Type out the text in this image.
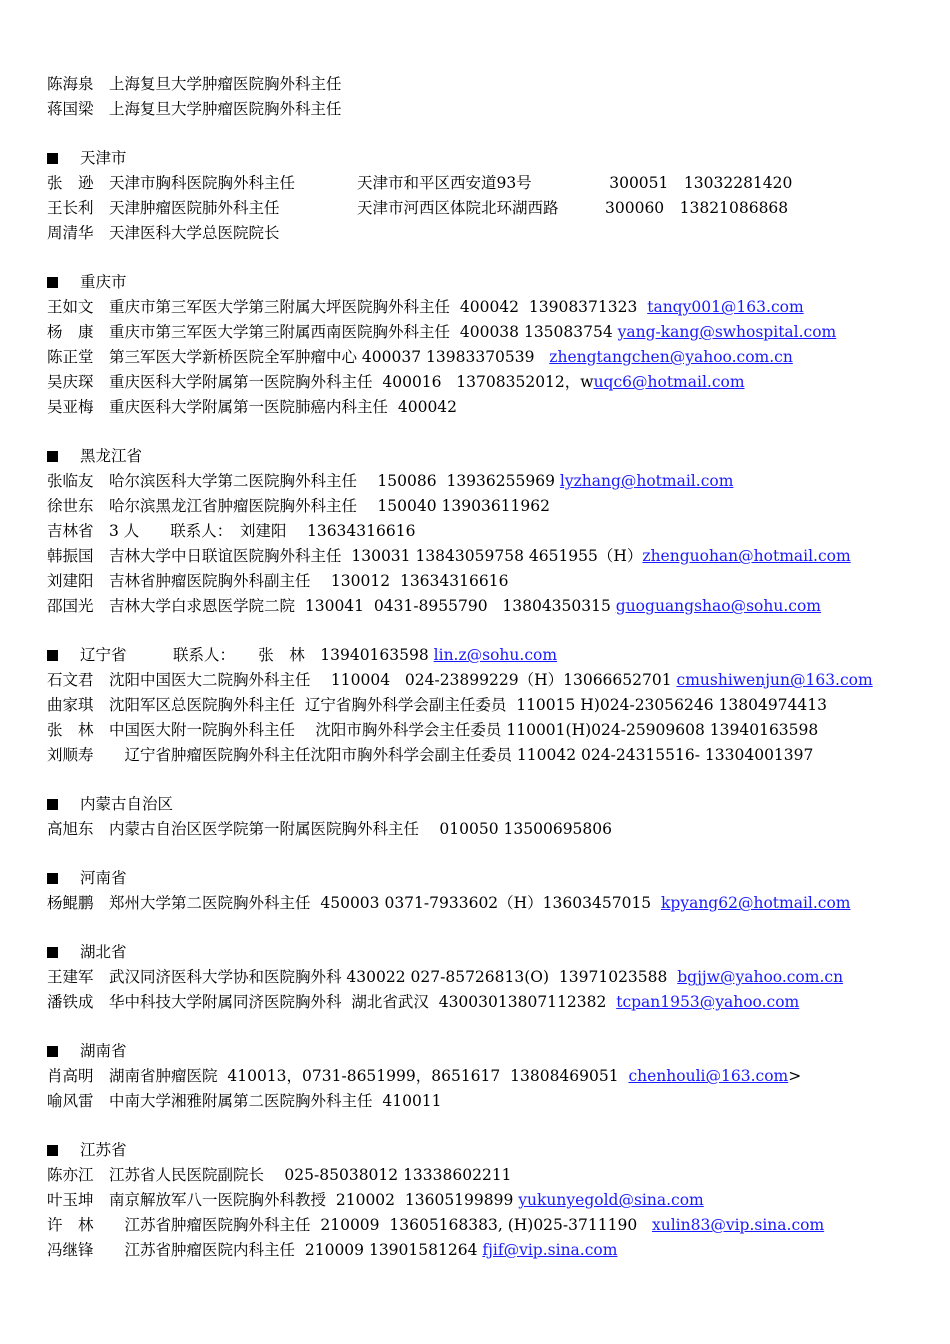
陈海泉　上海复旦大学肿瘤医院胸外科主任
蒋国梁　上海复旦大学肿瘤医院胸外科主任
天津市
张　逊　天津市胸科医院胸外科主任　　　　天津市和平区西安道93号　　　　　300051　13032281420
王长利　天津肿瘤医院肺外科主任　　　　　天津市河西区体院北环湖西路　　　300060　13821086868
周清华　天津医科大学总医院院长
重庆市
王如文　重庆市第三军医大学第三附属大坪医院胸外科主任  400042  13908371323  tanqy001@163.com
杨　康　重庆市第三军医大学第三附属西南医院胸外科主任  400038 135083754 yang-kang@swhospital.com
陈正堂　第三军医大学新桥医院全军肿瘤中心 400037 13983370539   zhengtangchen@yahoo.com.cn
吴庆琛　重庆医科大学附属第一医院胸外科主任  400016   13708352012，wuqc6@hotmail.com
吴亚梅　重庆医科大学附属第一医院肺癌内科主任  400042
黑龙江省
张临友　哈尔滨医科大学第二医院胸外科主任　 150086  13936255969 lyzhang@hotmail.com
徐世东　哈尔滨黑龙江省肿瘤医院胸外科主任　 150040 13903611962
吉林省　3 人　　联系人：　刘建阳　 13634316616
韩振国　吉林大学中日联谊医院胸外科主任  130031 13843059758 4651955（H）zhenguohan@hotmail.com
刘建阳　吉林省肿瘤医院胸外科副主任　 130012  13634316616
邵国光　吉林大学白求恩医学院二院  130041  0431-8955790   13804350315 guoguangshao@sohu.com
辽宁省　　　联系人：　　张　林　13940163598 lin.z@sohu.com
石文君　沈阳中国医大二院胸外科主任　 110004   024-23899229（H）13066652701 cmushiwenjun@163.com
曲家琪　沈阳军区总医院胸外科主任  辽宁省胸外科学会副主任委员  110015 H)024-23056246 13804974413
张　林　中国医大附一院胸外科主任　 沈阳市胸外科学会主任委员 110001(H)024-25909608 13940163598
刘顺寿　　辽宁省肿瘤医院胸外科主任沈阳市胸外科学会副主任委员 110042 024-24315516- 13304001397
内蒙古自治区
高旭东　内蒙古自治区医学院第一附属医院胸外科主任　 010050 13500695806
河南省
杨鲲鹏　郑州大学第二医院胸外科主任  450003 0371-7933602（H）13603457015  kpyang62@hotmail.com
湖北省
王建军　武汉同济医科大学协和医院胸外科 430022 027-85726813(O)  13971023588  bgjjw@yahoo.com.cn
潘铁成　华中科技大学附属同济医院胸外科  湖北省武汉  43003013807112382  tcpan1953@yahoo.com
湖南省
肖高明　湖南省肿瘤医院  410013，0731-8651999，8651617  13808469051  chenhouli@163.com>
喻风雷　中南大学湘雅附属第二医院胸外科主任  410011
江苏省
陈亦江　江苏省人民医院副院长　 025-85038012 13338602211
叶玉坤　南京解放军八一医院胸外科教授  210002  13605199899 yukunyegold@sina.com
许　林　　江苏省肿瘤医院胸外科主任  210009  13605168383, (H)025-3711190   xulin83@vip.sina.com
冯继锋　　江苏省肿瘤医院内科主任  210009 13901581264 fjif@vip.sina.com
